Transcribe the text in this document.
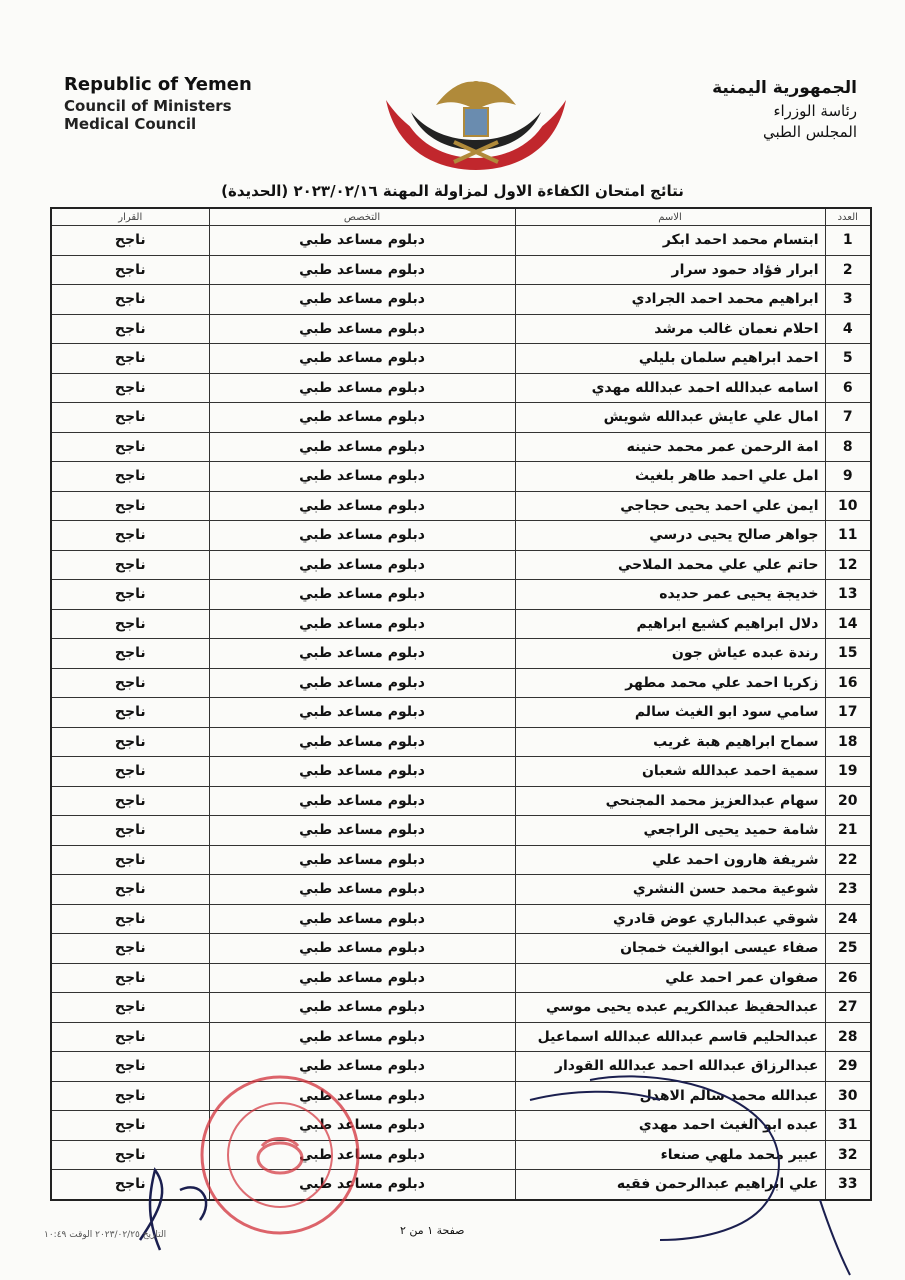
Republic of Yemen
Council of Ministers
Medical Council
الجمهورية اليمنية
رئاسة الوزراء
المجلس الطبي
نتائج امتحان الكفاءة الاول لمزاولة المهنة ٢٠٢٣/٠٢/١٦ (الحديدة)
العدد	الاسم	التخصص	القرار
1	ابتسام محمد احمد ابكر	دبلوم مساعد طبي	ناجح
2	ابرار فؤاد حمود سرار	دبلوم مساعد طبي	ناجح
3	ابراهيم محمد احمد الجرادي	دبلوم مساعد طبي	ناجح
4	احلام نعمان غالب مرشد	دبلوم مساعد طبي	ناجح
5	احمد ابراهيم سلمان بليلي	دبلوم مساعد طبي	ناجح
6	اسامه عبدالله احمد عبدالله مهدي	دبلوم مساعد طبي	ناجح
7	امال علي عايش عبدالله شويش	دبلوم مساعد طبي	ناجح
8	امة الرحمن عمر محمد حنينه	دبلوم مساعد طبي	ناجح
9	امل علي احمد طاهر بلغيث	دبلوم مساعد طبي	ناجح
10	ايمن علي احمد يحيى حجاجي	دبلوم مساعد طبي	ناجح
11	جواهر صالح يحيى درسي	دبلوم مساعد طبي	ناجح
12	حاتم علي علي محمد الملاحي	دبلوم مساعد طبي	ناجح
13	خديجة يحيى عمر حديده	دبلوم مساعد طبي	ناجح
14	دلال ابراهيم كشيع ابراهيم	دبلوم مساعد طبي	ناجح
15	رندة عبده عياش جون	دبلوم مساعد طبي	ناجح
16	زكريا احمد علي محمد مطهر	دبلوم مساعد طبي	ناجح
17	سامي سود ابو الغيث سالم	دبلوم مساعد طبي	ناجح
18	سماح ابراهيم هبة غريب	دبلوم مساعد طبي	ناجح
19	سمية احمد عبدالله شعبان	دبلوم مساعد طبي	ناجح
20	سهام عبدالعزيز محمد المجنحي	دبلوم مساعد طبي	ناجح
21	شامة حميد يحيى الراجعي	دبلوم مساعد طبي	ناجح
22	شريفة هارون احمد علي	دبلوم مساعد طبي	ناجح
23	شوعية محمد حسن النشري	دبلوم مساعد طبي	ناجح
24	شوقي عبدالباري عوض قادري	دبلوم مساعد طبي	ناجح
25	صفاء عيسى ابوالغيث خمجان	دبلوم مساعد طبي	ناجح
26	صفوان عمر احمد علي	دبلوم مساعد طبي	ناجح
27	عبدالحفيظ عبدالكريم عبده يحيى موسي	دبلوم مساعد طبي	ناجح
28	عبدالحليم قاسم عبدالله عبدالله اسماعيل	دبلوم مساعد طبي	ناجح
29	عبدالرزاق عبدالله احمد عبدالله القودار	دبلوم مساعد طبي	ناجح
30	عبدالله محمد سالم الاهدل	دبلوم مساعد طبي	ناجح
31	عبده ابو الغيث احمد مهدي	دبلوم مساعد طبي	ناجح
32	عبير محمد ملهي صنعاء	دبلوم مساعد طبي	ناجح
33	علي ابراهيم عبدالرحمن فقيه	دبلوم مساعد طبي	ناجح
صفحة ١ من ٢
التاريخ ٢٠٢٣/٠٢/٢٥ الوقت ١٠:٤٩
